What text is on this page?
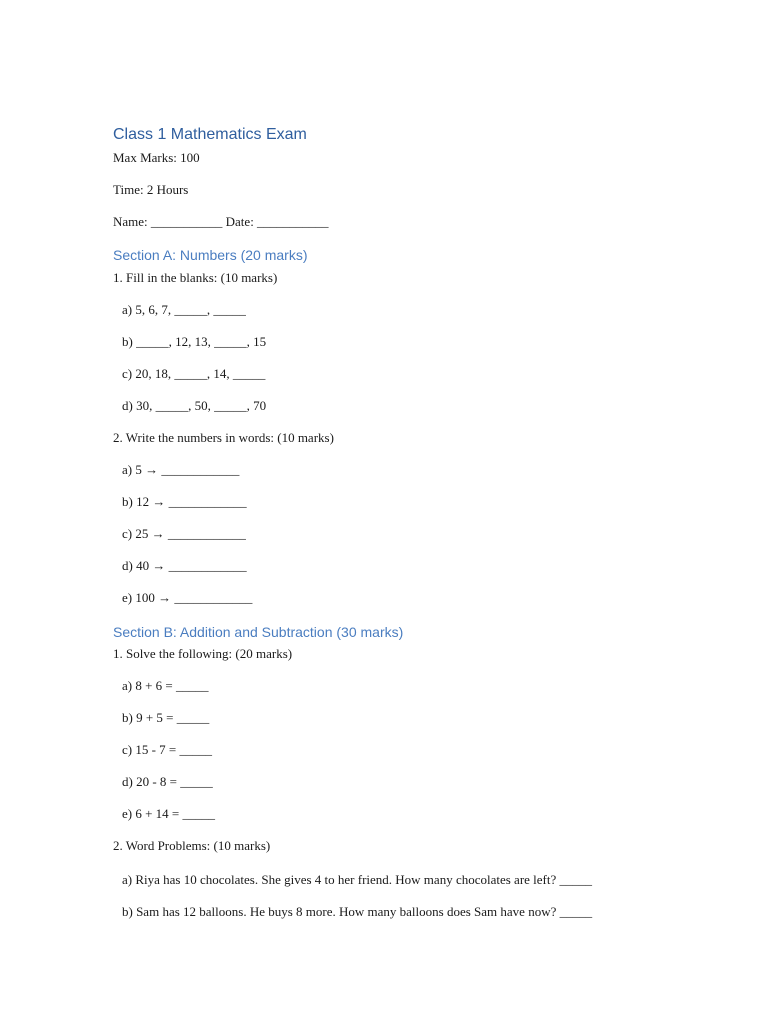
Class 1 Mathematics Exam
Max Marks: 100
Time: 2 Hours
Name: ___________ Date: ___________
Section A: Numbers (20 marks)
1. Fill in the blanks: (10 marks)
a) 5, 6, 7, _____, _____
b) _____, 12, 13, _____, 15
c) 20, 18, _____, 14, _____
d) 30, _____, 50, _____, 70
2. Write the numbers in words: (10 marks)
a) 5 → ____________
b) 12 → ____________
c) 25 → ____________
d) 40 → ____________
e) 100 → ____________
Section B: Addition and Subtraction (30 marks)
1. Solve the following: (20 marks)
a) 8 + 6 = _____
b) 9 + 5 = _____
c) 15 - 7 = _____
d) 20 - 8 = _____
e) 6 + 14 = _____
2. Word Problems: (10 marks)
a) Riya has 10 chocolates. She gives 4 to her friend. How many chocolates are left? _____
b) Sam has 12 balloons. He buys 8 more. How many balloons does Sam have now? _____
